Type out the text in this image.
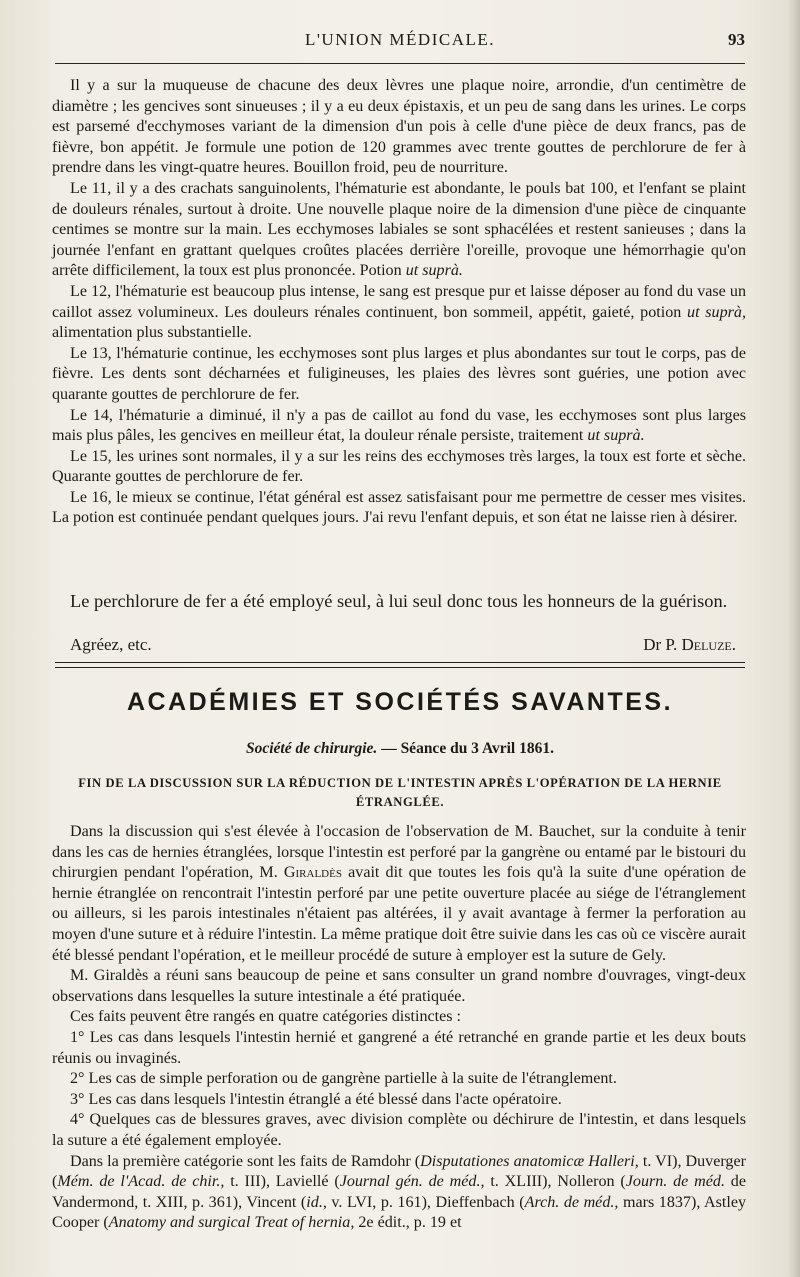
L'UNION MÉDICALE.	93

Il y a sur la muqueuse de chacune des deux lèvres une plaque noire, arrondie, d'un centimètre de diamètre ; les gencives sont sinueuses ; il y a eu deux épistaxis, et un peu de sang dans les urines. Le corps est parsemé d'ecchymoses variant de la dimension d'un pois à celle d'une pièce de deux francs, pas de fièvre, bon appétit. Je formule une potion de 120 grammes avec trente gouttes de perchlorure de fer à prendre dans les vingt-quatre heures. Bouillon froid, peu de nourriture.

Le 11, il y a des crachats sanguinolents, l'hématurie est abondante, le pouls bat 100, et l'enfant se plaint de douleurs rénales, surtout à droite. Une nouvelle plaque noire de la dimension d'une pièce de cinquante centimes se montre sur la main. Les ecchymoses labiales se sont sphacélées et restent sanieuses ; dans la journée l'enfant en grattant quelques croûtes placées derrière l'oreille, provoque une hémorrhagie qu'on arrête difficilement, la toux est plus prononcée. Potion ut suprà.

Le 12, l'hématurie est beaucoup plus intense, le sang est presque pur et laisse déposer au fond du vase un caillot assez volumineux. Les douleurs rénales continuent, bon sommeil, appétit, gaieté, potion ut suprà, alimentation plus substantielle.

Le 13, l'hématurie continue, les ecchymoses sont plus larges et plus abondantes sur tout le corps, pas de fièvre. Les dents sont décharnées et fuligineuses, les plaies des lèvres sont guéries, une potion avec quarante gouttes de perchlorure de fer.

Le 14, l'hématurie a diminué, il n'y a pas de caillot au fond du vase, les ecchymoses sont plus larges mais plus pâles, les gencives en meilleur état, la douleur rénale persiste, traitement ut suprà.

Le 15, les urines sont normales, il y a sur les reins des ecchymoses très larges, la toux est forte et sèche. Quarante gouttes de perchlorure de fer.

Le 16, le mieux se continue, l'état général est assez satisfaisant pour me permettre de cesser mes visites. La potion est continuée pendant quelques jours. J'ai revu l'enfant depuis, et son état ne laisse rien à désirer.

Le perchlorure de fer a été employé seul, à lui seul donc tous les honneurs de la guérison.

Agréez, etc.	Dr P. Deluze.
ACADÉMIES ET SOCIÉTÉS SAVANTES.
Société de chirurgie. — Séance du 3 Avril 1861.
FIN DE LA DISCUSSION SUR LA RÉDUCTION DE L'INTESTIN APRÈS L'OPÉRATION DE LA HERNIE
ÉTRANGLÉE.

Dans la discussion qui s'est élevée à l'occasion de l'observation de M. Bauchet, sur la conduite à tenir dans les cas de hernies étranglées, lorsque l'intestin est perforé par la gangrène ou entamé par le bistouri du chirurgien pendant l'opération, M. Giraldès avait dit que toutes les fois qu'à la suite d'une opération de hernie étranglée on rencontrait l'intestin perforé par une petite ouverture placée au siége de l'étranglement ou ailleurs, si les parois intestinales n'étaient pas altérées, il y avait avantage à fermer la perforation au moyen d'une suture et à réduire l'intestin. La même pratique doit être suivie dans les cas où ce viscère aurait été blessé pendant l'opération, et le meilleur procédé de suture à employer est la suture de Gely.

M. Giraldès a réuni sans beaucoup de peine et sans consulter un grand nombre d'ouvrages, vingt-deux observations dans lesquelles la suture intestinale a été pratiquée.

Ces faits peuvent être rangés en quatre catégories distinctes :

1° Les cas dans lesquels l'intestin hernié et gangrené a été retranché en grande partie et les deux bouts réunis ou invaginés.

2° Les cas de simple perforation ou de gangrène partielle à la suite de l'étranglement.

3° Les cas dans lesquels l'intestin étranglé a été blessé dans l'acte opératoire.

4° Quelques cas de blessures graves, avec division complète ou déchirure de l'intestin, et dans lesquels la suture a été également employée.

Dans la première catégorie sont les faits de Ramdohr (Disputationes anatomicæ Halleri, t. VI), Duverger (Mém. de l'Acad. de chir., t. III), Laviellé (Journal gén. de méd., t. XLIII), Nolleron (Journ. de méd. de Vandermond, t. XIII, p. 361), Vincent (id., v. LVI, p. 161), Dieffenbach (Arch. de méd., mars 1837), Astley Cooper (Anatomy and surgical Treat of hernia, 2e édit., p. 19 et
